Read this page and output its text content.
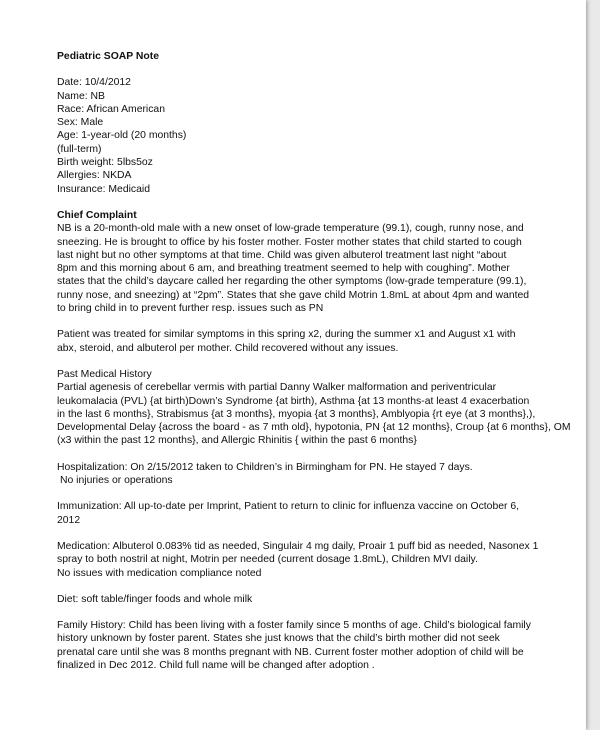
Pediatric SOAP Note
Date: 10/4/2012
Name: NB
Race: African American
Sex: Male
Age: 1-year-old (20 months)
(full-term)
Birth weight: 5lbs5oz
Allergies: NKDA
Insurance: Medicaid
Chief Complaint
NB is a 20-month-old male with a new onset of low-grade temperature (99.1), cough, runny nose, and
sneezing. He is brought to office by his foster mother. Foster mother states that child started to cough
last night but no other symptoms at that time. Child was given albuterol treatment last night “about
8pm and this morning about 6 am, and breathing treatment seemed to help with coughing”. Mother
states that the child’s daycare called her regarding the other symptoms (low-grade temperature (99.1),
runny nose, and sneezing) at “2pm”. States that she gave child Motrin 1.8mL at about 4pm and wanted
to bring child in to prevent further resp. issues such as PN
Patient was treated for similar symptoms in this spring x2, during the summer x1 and August x1 with
abx, steroid, and albuterol per mother. Child recovered without any issues.
Past Medical History
Partial agenesis of cerebellar vermis with partial Danny Walker malformation and periventricular
leukomalacia (PVL) {at birth)Down’s Syndrome {at birth), Asthma {at 13 months-at least 4 exacerbation
in the last 6 months}, Strabismus {at 3 months}, myopia {at 3 months}, Amblyopia {rt eye (at 3 months},),
Developmental Delay {across the board - as 7 mth old}, hypotonia, PN {at 12 months}, Croup {at 6 months}, OM
(x3 within the past 12 months}, and Allergic Rhinitis { within the past 6 months}
Hospitalization: On 2/15/2012 taken to Children’s in Birmingham for PN. He stayed 7 days.
No injuries or operations
Immunization: All up-to-date per Imprint, Patient to return to clinic for influenza vaccine on October 6,
2012
Medication: Albuterol 0.083% tid as needed, Singulair 4 mg daily, Proair 1 puff bid as needed, Nasonex 1
spray to both nostril at night, Motrin per needed (current dosage 1.8mL), Children MVI daily.
No issues with medication compliance noted
Diet: soft table/finger foods and whole milk
Family History: Child has been living with a foster family since 5 months of age. Child’s biological family
history unknown by foster parent. States she just knows that the child’s birth mother did not seek
prenatal care until she was 8 months pregnant with NB. Current foster mother adoption of child will be
finalized in Dec 2012. Child full name will be changed after adoption .
